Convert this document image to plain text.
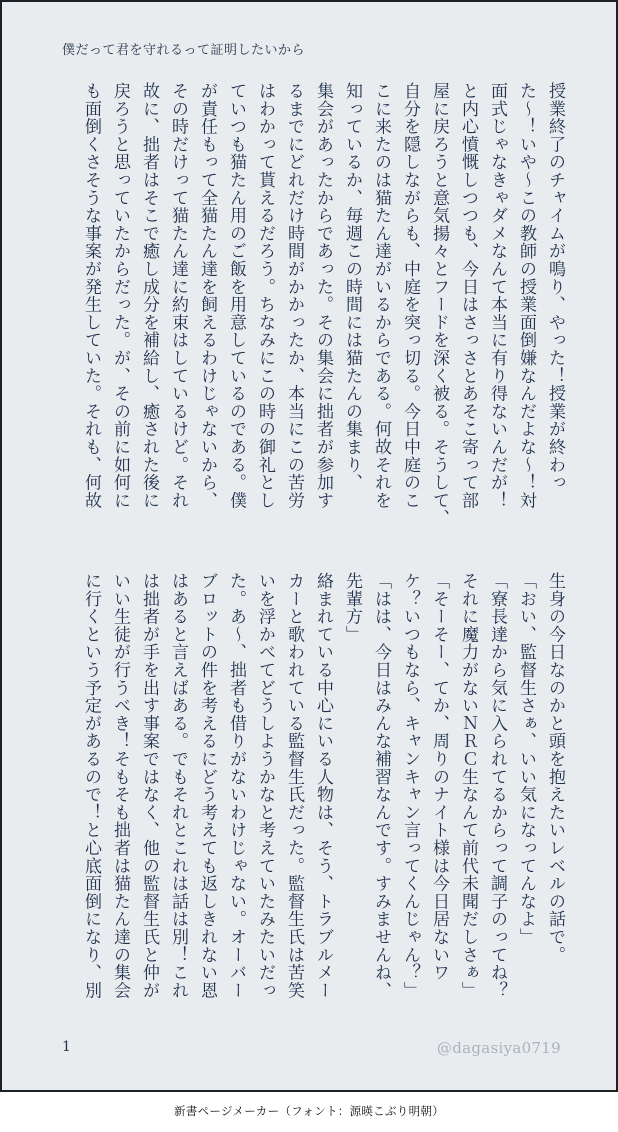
僕だって君を守れるって証明したいから
授業終了のチャイムが鳴り、やった！授業が終わっ
た〜！いや〜この教師の授業面倒嫌なんだよな〜！対
面式じゃなきゃダメなんて本当に有り得ないんだが！
と内心憤慨しつつも、今日はさっさとあそこ寄って部
屋に戻ろうと意気揚々とフードを深く被る。そうして、
自分を隠しながらも、中庭を突っ切る。今日中庭のこ
こに来たのは猫たん達がいるからである。何故それを
知っているか、毎週この時間には猫たんの集まり、
集会があったからであった。その集会に拙者が参加す
るまでにどれだけ時間がかかったか、本当にこの苦労
はわかって貰えるだろう。ちなみにこの時の御礼とし
ていつも猫たん用のご飯を用意しているのである。僕
が責任もって全猫たん達を飼えるわけじゃないから、
その時だけって猫たん達に約束はしているけど。それ
故に、拙者はそこで癒し成分を補給し、癒された後に
戻ろうと思っていたからだった。が、その前に如何に
も面倒くさそうな事案が発生していた。それも、何故
生身の今日なのかと頭を抱えたいレベルの話で。
「おい、監督生さぁ、いい気になってんなよ」
「寮長達から気に入られてるからって調子のってね？
それに魔力がないＮＲＣ生なんて前代未聞だしさぁ」
「そーそー、てか、周りのナイト様は今日居ないワ
ケ？いつもなら、キャンキャン言ってくんじゃん？」
「はは、今日はみんな補習なんです。すみませんね、
先輩方」
絡まれている中心にいる人物は、そう、トラブルメー
カーと歌われている監督生氏だった。監督生氏は苦笑
いを浮かべてどうしようかなと考えていたみたいだっ
た。あ〜、拙者も借りがないわけじゃない。オーバー
ブロットの件を考えるにどう考えても返しきれない恩
はあると言えばある。でもそれとこれは話は別！これ
は拙者が手を出す事案ではなく、他の監督生氏と仲が
いい生徒が行うべき！そもそも拙者は猫たん達の集会
に行くという予定があるので！と心底面倒になり、別
1	@dagasiya0719
新書ページメーカー（フォント：源暎こぶり明朝）
